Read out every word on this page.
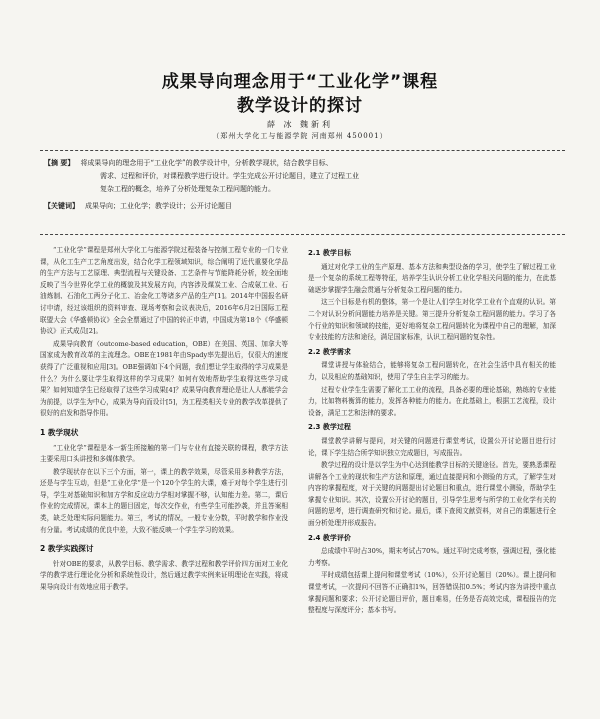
成果导向理念用于“工业化学”课程
教学设计的探讨
薛 冰 魏新利
（郑州大学化工与能源学院 河南郑州 450001）
【摘 要】 将成果导向的理念用于“工业化学”的教学设计中，分析教学现状，结合教学目标、
需求、过程和评价，对课程教学进行设计。学生完成公开讨论题目，建立了过程工业
复杂工程的概念，培养了分析处理复杂工程问题的能力。
【关键词】 成果导向；工业化学；教学设计；公开讨论题目

“工业化学”课程是郑州大学化工与能源学院过程装备与控制工程专业的一门专业课，从化工生产工艺角度出发，结合化学工程领域知识，综合阐明了近代重要化学品的生产方法与工艺原理、典型流程与关键设备、工艺条件与节能降耗分析，较全面地反映了当今世界化学工业的概貌及其发展方向，内容涉及煤炭工业、合成氨工业、石油炼制、石油化工两分子化工、冶金化工等诸多产品的生产[1]。2014年中国报名研讨申请，经过该组织的资料审查、现场考察和会议表决后，2016年6月2日国际工程联盟大会《华盛顿协议》全会全票通过了中国的转正申请，中国成为第18个《华盛顿协议》正式成员[2]。

成果导向教育（outcome-based education，OBE）在美国、英国、加拿大等国家成为教育改革的主流理念。OBE在1981年由Spady率先提出后，仅很大的速度获得了广泛重视和应用[3]。OBE强调如下4个问题，我们想让学生取得的学习成果是什么？为什么要让学生取得这样的学习成果？如何有效地帮助学生取得这些学习成果？如何知道学生已经取得了这些学习成果[4]？成果导向教育理论是让人人都能学会为前提，以学生为中心，成果为导向而设计[5]，为工程类相关专业的教学改革提供了很好的启发和指导作用。

1 教学现状

“工业化学”课程是本一新生所接触的第一门与专业有直接关联的课程，教学方法主要采用口头讲授和多媒体教学。

教学现状存在以下三个方面，第一，课上的教学效果，尽管采用多种教学方法，还是与学生互动，但是“工业化学”是一个120个学生的大课，难于对每个学生进行引导，学生对基础知识和加方学和反应动力学相对掌握不够，认知能力差。第二，课后作业的完成情况，课本上的题目固定，每次交作业，有些学生可能抄袭，并且答案相类，缺乏处理实际问题能力。第三，考试的情况，一般专业分数，平时教学和作业没有分量。考试成绩的优良中差，大致不能反映一个学生学习的效果。

2 教学实践探讨

针对OBE的要求，从教学目标、教学需求、教学过程和教学评价四方面对工业化学的教学进行理论化分析和系统性设计，然后通过教学实例来证明理论在实践，将成果导向设计有效地应用于教学。

2.1 教学目标

通过对化学工业的生产原理、基本方法和典型设备的学习，使学生了解过程工业是一个复杂的系统工程等特征，培养学生认识分析工业化学相关问题的能力，在此基础逐步掌握学生融会贯通与分析复杂工程问题的能力。

这三个目标是有机的整体，第一个是让人们学生对化学工业有个直观的认识。第二个对认识分析问题能力培养是关键。第三提升分析复杂工程问题的能力。学习了各个行业的知识和领域的技能，更好地将复杂工程问题转化为课程中自己的理解，加深专业技能的方法和途径，满足国家标准，认识工程问题的复杂性。

2.2 教学需求

课堂讲授与体验结合，能够将复杂工程问题转化，在社会生活中具有相关的能力，以及相应的基础知识，使用了学生自主学习的能力。

过程专业学生生需要了解化工工业的流程，具备必要的理论基础，熟练的专业能力，比如物料衡算的能力，发挥各种能力的能力。在此基础上，根据工艺流程，设计设备，满足工艺和法律的要求。

2.3 教学过程

课堂教学讲解与提问，对关键的问题进行课堂考试，设置公开讨论题目进行讨论，课下学生结合所学知识独立完成题目，写成报告。

教学过程的设计是以学生为中心达到能教学目标的关键途径。首先，要熟悉课程讲解各个工业的现状和生产方法和原理，通过直接提问和小测验的方式，了解学生对内容的掌握程度，对于关键的问题提出讨论题目和重点，进行课堂小测验，帮助学生掌握专业知识。其次，设置公开讨论的题目，引导学生思考与所学的工业化学有关的问题的思考，进行调查研究和讨论。最后，课下查阅文献资料，对自己的课题进行全面分析处理并形成报告。

2.4 教学评价

总成绩中平时占30%，期末考试占70%。通过平时完成考察，强调过程，强化能力考察。

平时成绩包括课上提问和课堂考试（10%），公开讨论题目（20%）。课上提问和课堂考试，一次提问不回答不正确扣1%，回答错误扣0.5%；考试内容为讲授中重点掌握问题和要求；公开讨论题目评价，题目难易，任务是否高效完成，课程报告的完整程度与深度评分；基本书写。
